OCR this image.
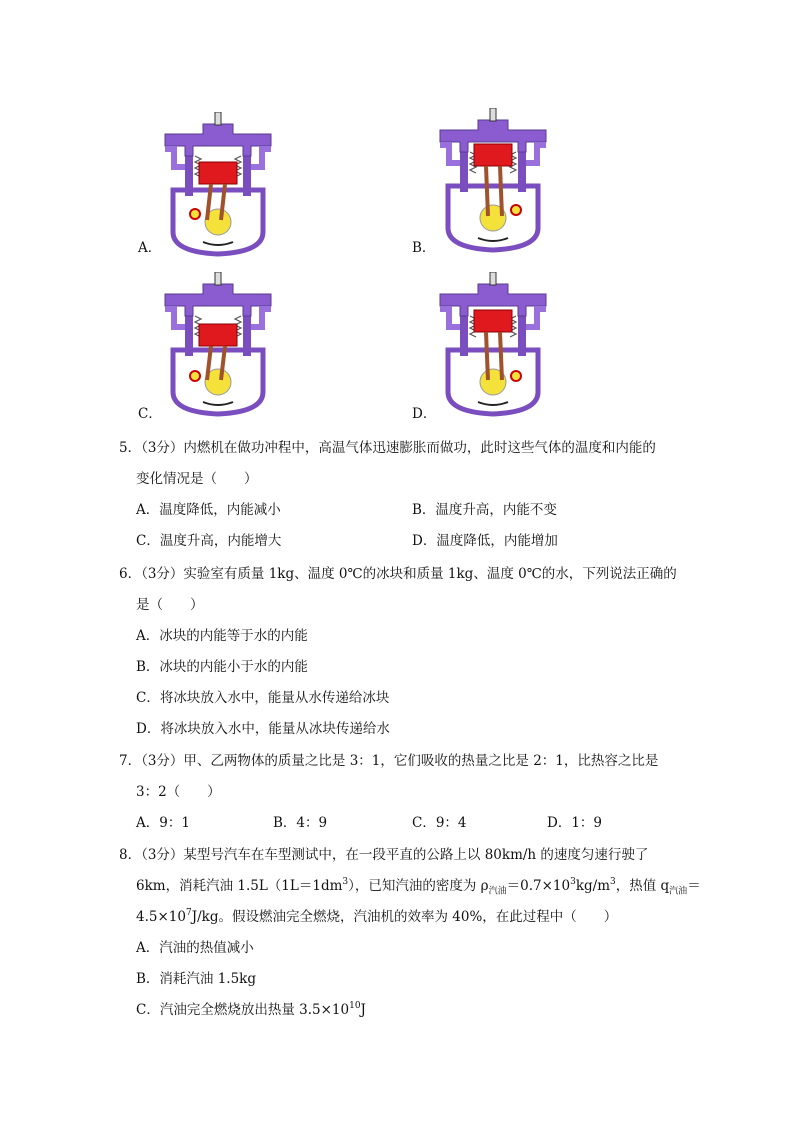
A．	B．
C．	D．
5．（3分）内燃机在做功冲程中，高温气体迅速膨胀而做功，此时这些气体的温度和内能的
变化情况是（　　）
A．温度降低，内能减小	B．温度升高，内能不变
C．温度升高，内能增大	D．温度降低，内能增加
6．（3分）实验室有质量 1kg、温度 0℃的冰块和质量 1kg、温度 0℃的水，下列说法正确的
是（　　）
A．冰块的内能等于水的内能
B．冰块的内能小于水的内能
C．将冰块放入水中，能量从水传递给冰块
D．将冰块放入水中，能量从冰块传递给水
7．（3分）甲、乙两物体的质量之比是 3：1，它们吸收的热量之比是 2：1，比热容之比是
3：2（　　）
A．9：1	B．4：9	C．9：4	D．1：9
8．（3分）某型号汽车在车型测试中，在一段平直的公路上以 80km/h 的速度匀速行驶了
6km，消耗汽油 $1.5L(1L=1dm^3)$，已知汽油的密度为 $\rho_{汽油}=0.7\times 10^3kg/m^3$，热值 $q_{汽油}=$
$4.5\times 10^7J/kg$。假设燃油完全燃烧，汽油机的效率为 40%，在此过程中（　　）
A．汽油的热值减小
B．消耗汽油 1.5kg
C．汽油完全燃烧放出热量 $3.5\times 10^{10}J$
